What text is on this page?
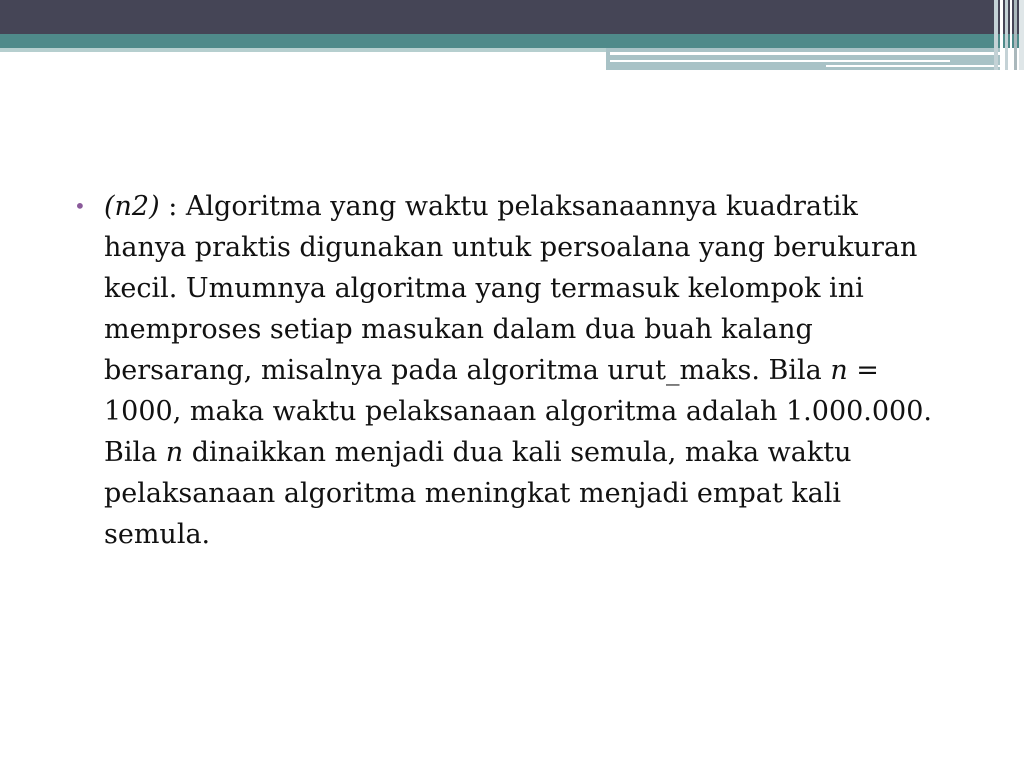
• (n2) : Algoritma yang waktu pelaksanaannya kuadratik hanya praktis digunakan untuk persoalana yang berukuran kecil. Umumnya algoritma yang termasuk kelompok ini memproses setiap masukan dalam dua buah kalang bersarang, misalnya pada algoritma urut_maks. Bila n = 1000, maka waktu pelaksanaan algoritma adalah 1.000.000. Bila n dinaikkan menjadi dua kali semula, maka waktu pelaksanaan algoritma meningkat menjadi empat kali semula.
